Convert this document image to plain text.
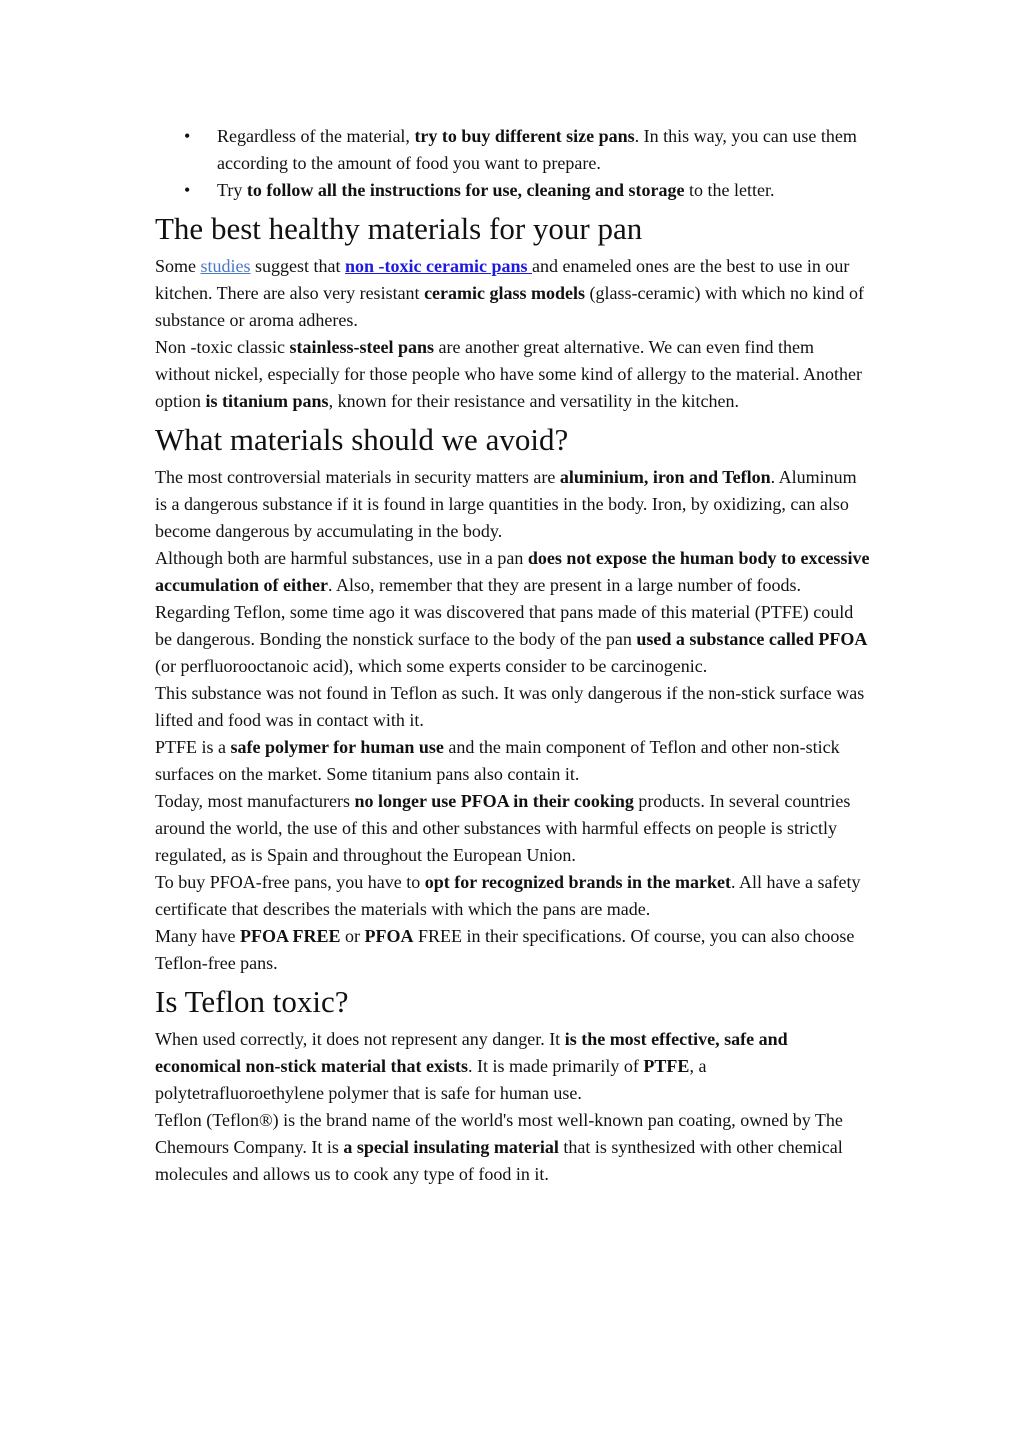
• Regardless of the material, try to buy different size pans. In this way, you can use them according to the amount of food you want to prepare.
• Try to follow all the instructions for use, cleaning and storage to the letter.
The best healthy materials for your pan

Some studies suggest that non -toxic ceramic pans and enameled ones are the best to use in our kitchen. There are also very resistant ceramic glass models (glass-ceramic) with which no kind of substance or aroma adheres.

Non -toxic classic stainless-steel pans are another great alternative. We can even find them without nickel, especially for those people who have some kind of allergy to the material. Another option is titanium pans, known for their resistance and versatility in the kitchen.

What materials should we avoid?

The most controversial materials in security matters are aluminium, iron and Teflon. Aluminum is a dangerous substance if it is found in large quantities in the body. Iron, by oxidizing, can also become dangerous by accumulating in the body.

Although both are harmful substances, use in a pan does not expose the human body to excessive accumulation of either. Also, remember that they are present in a large number of foods.

Regarding Teflon, some time ago it was discovered that pans made of this material (PTFE) could be dangerous. Bonding the nonstick surface to the body of the pan used a substance called PFOA (or perfluorooctanoic acid), which some experts consider to be carcinogenic.

This substance was not found in Teflon as such. It was only dangerous if the non-stick surface was lifted and food was in contact with it.

PTFE is a safe polymer for human use and the main component of Teflon and other non-stick surfaces on the market. Some titanium pans also contain it.

Today, most manufacturers no longer use PFOA in their cooking products. In several countries around the world, the use of this and other substances with harmful effects on people is strictly regulated, as is Spain and throughout the European Union.

To buy PFOA-free pans, you have to opt for recognized brands in the market. All have a safety certificate that describes the materials with which the pans are made.

Many have PFOA FREE or PFOA FREE in their specifications. Of course, you can also choose Teflon-free pans.

Is Teflon toxic?

When used correctly, it does not represent any danger. It is the most effective, safe and economical non-stick material that exists. It is made primarily of PTFE, a polytetrafluoroethylene polymer that is safe for human use.

Teflon (Teflon®) is the brand name of the world's most well-known pan coating, owned by The Chemours Company. It is a special insulating material that is synthesized with other chemical molecules and allows us to cook any type of food in it.
